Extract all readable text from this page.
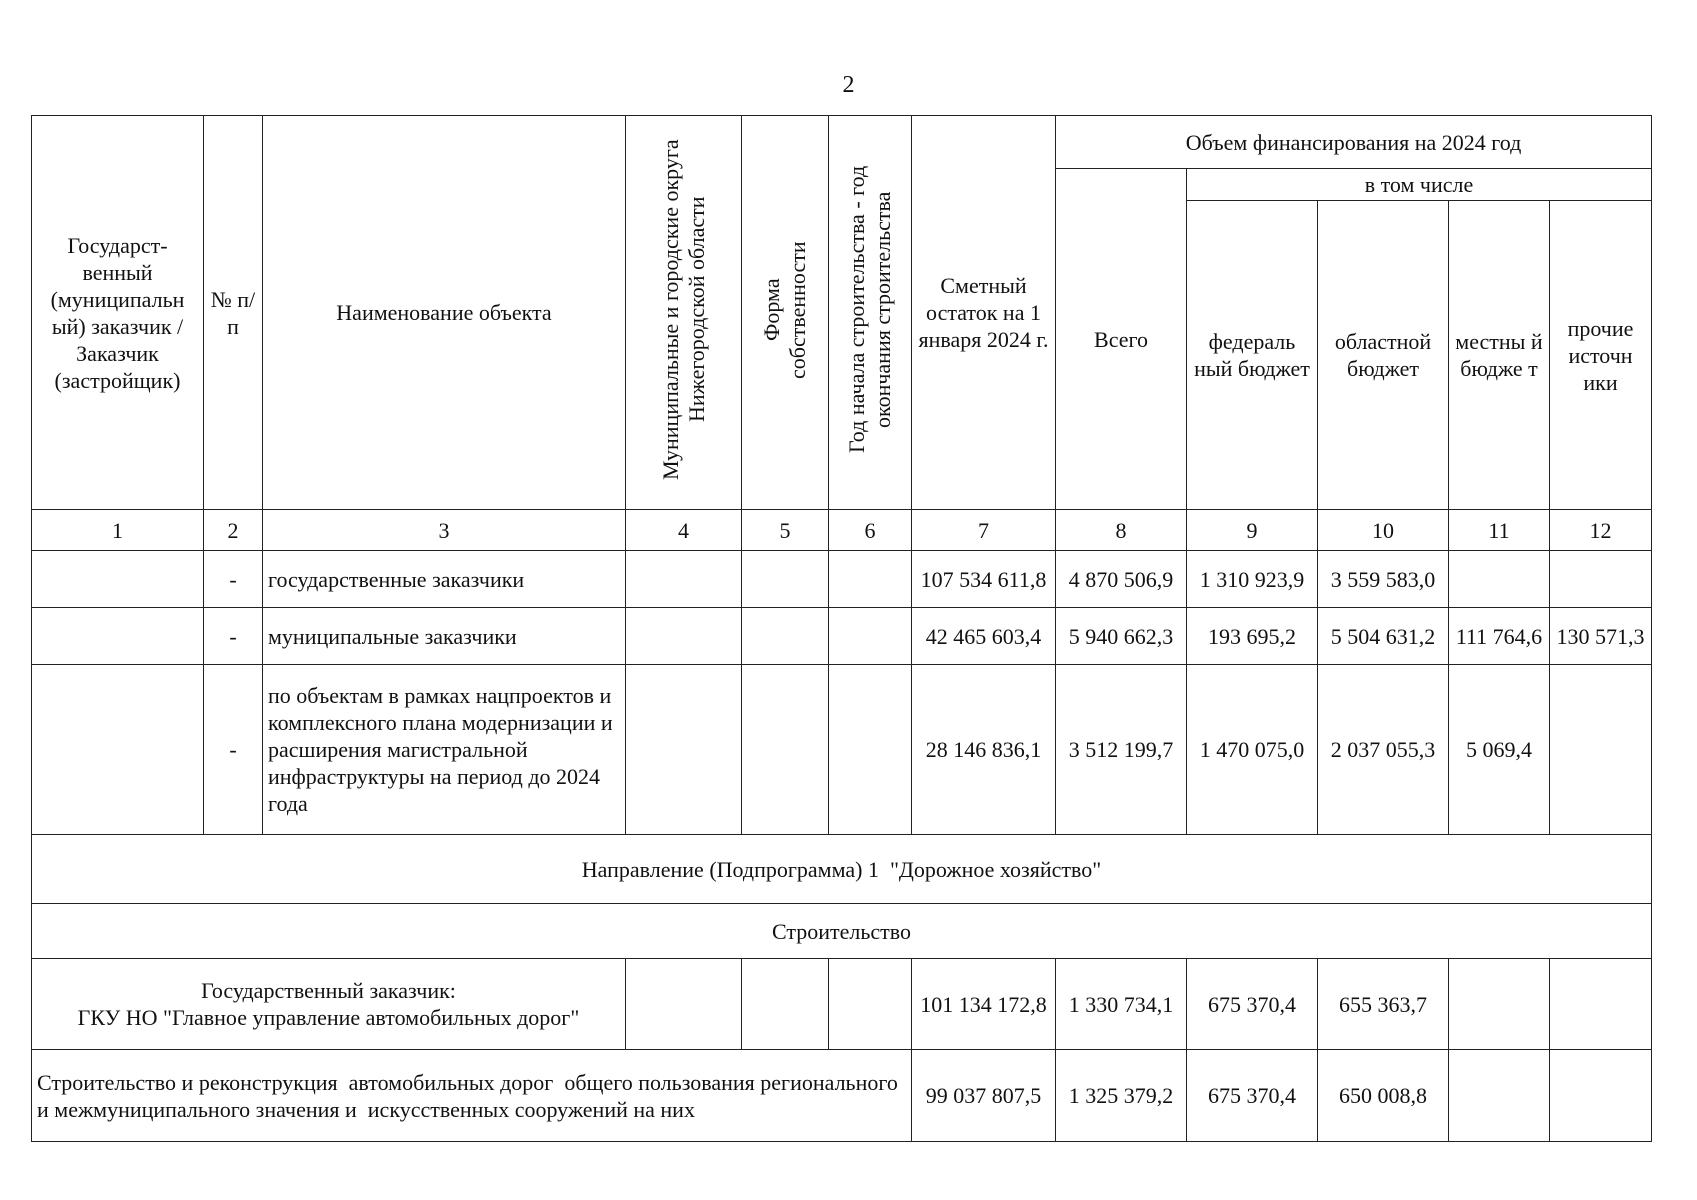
2
Государст-венный (муниципальн ый) заказчик / Заказчик (застройщик)	№ п/п	Наименование объекта	Муниципальные и городские округа Нижегородской области	Форма собственности	Год начала строительства - год окончания строительства	Сметный остаток на 1 января 2024 г.	Объем финансирования на 2024 год				
							Всего	в том числе			
								федераль ный бюджет	областной бюджет	местны й бюдже т	прочие источн ики
1	2	3	4	5	6	7	8	9	10	11	12
	-	государственные заказчики				107 534 611,8	4 870 506,9	1 310 923,9	3 559 583,0		
	-	муниципальные заказчики				42 465 603,4	5 940 662,3	193 695,2	5 504 631,2	111 764,6	130 571,3
	-	по объектам в рамках нацпроектов и комплексного плана модернизации и расширения магистральной инфраструктуры на период до 2024 года				28 146 836,1	3 512 199,7	1 470 075,0	2 037 055,3	5 069,4	
Направление (Подпрограмма) 1  "Дорожное хозяйство"											
Строительство											

Государственный заказчик:
ГКУ НО "Главное управление автомобильных дорог"						101 134 172,8	1 330 734,1	675 370,4	655 363,7		
Строительство и реконструкция  автомобильных дорог  общего пользования регионального  и межмуниципального значения и  искусственных сооружений на них						99 037 807,5	1 325 379,2	675 370,4	650 008,8		
